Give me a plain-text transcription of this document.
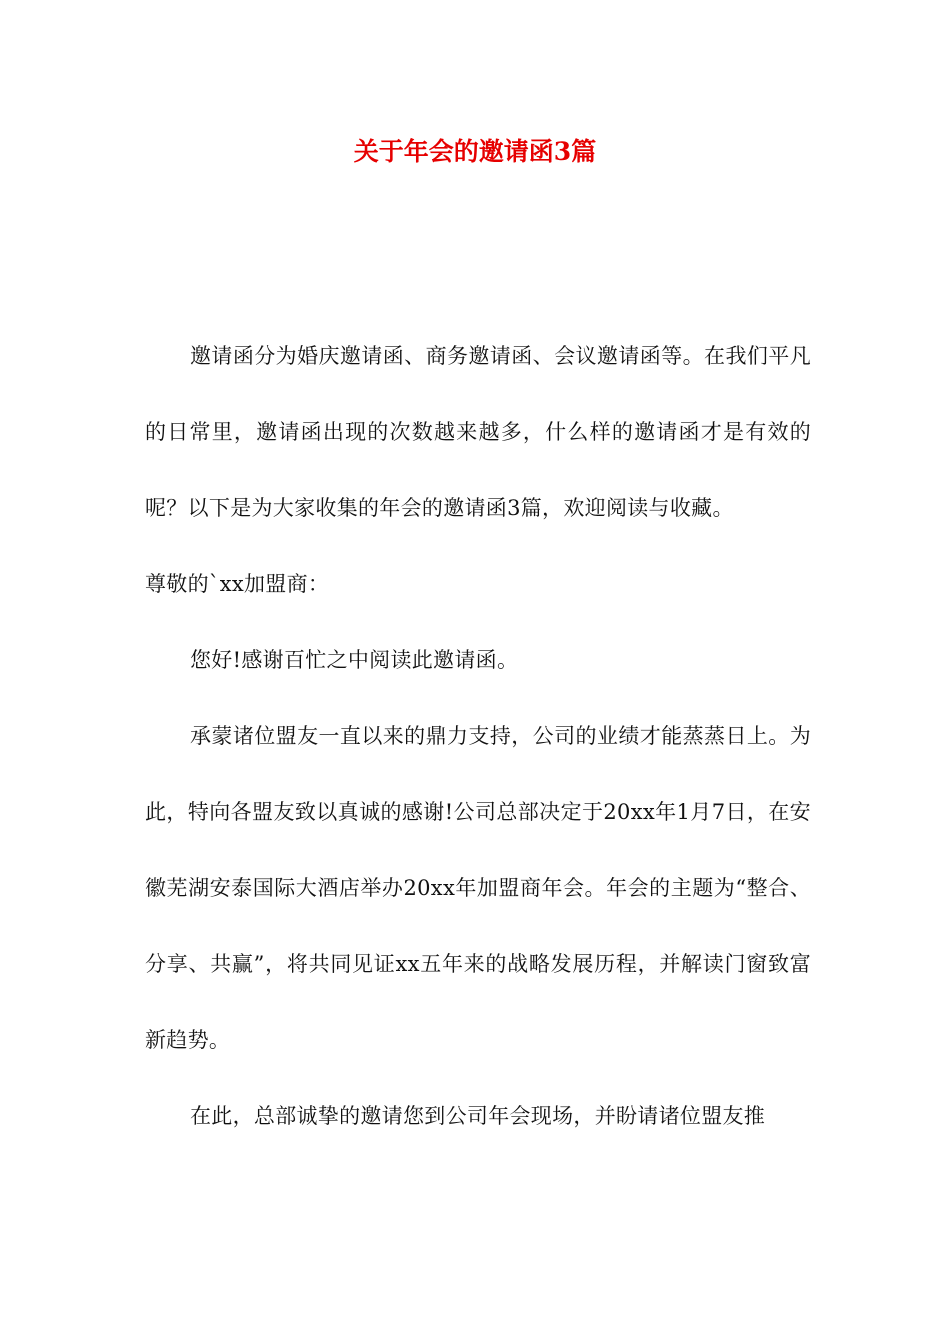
关于年会的邀请函3篇

邀请函分为婚庆邀请函、商务邀请函、会议邀请函等。在我们平凡的日常里，邀请函出现的次数越来越多，什么样的邀请函才是有效的呢？以下是为大家收集的年会的邀请函3篇，欢迎阅读与收藏。

尊敬的`xx加盟商：

您好!感谢百忙之中阅读此邀请函。

承蒙诸位盟友一直以来的鼎力支持，公司的业绩才能蒸蒸日上。为此，特向各盟友致以真诚的感谢!公司总部决定于20xx年1月7日，在安徽芜湖安泰国际大酒店举办20xx年加盟商年会。年会的主题为“整合、分享、共赢”，将共同见证xx五年来的战略发展历程，并解读门窗致富新趋势。

在此，总部诚挚的邀请您到公司年会现场，并盼请诸位盟友推
